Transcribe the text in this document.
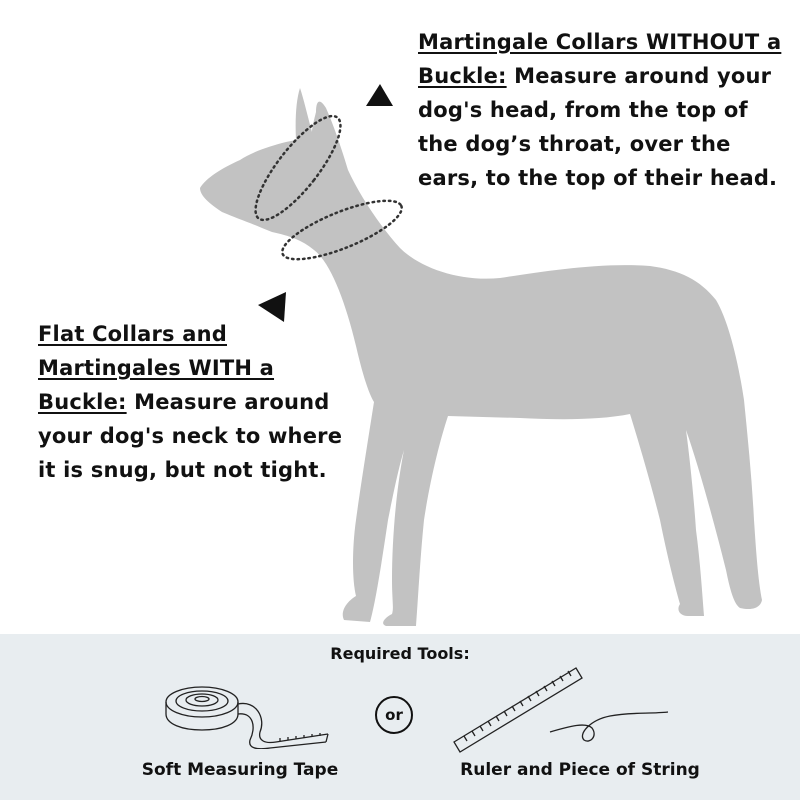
Martingale Collars WITHOUT a Buckle: Measure around your dog's head, from the top of the dog’s throat, over the ears, to the top of their head.
Flat Collars and Martingales WITH a Buckle: Measure around your dog's neck to where it is snug, but not tight.
Required Tools:
or
Soft Measuring Tape	Ruler and Piece of String
